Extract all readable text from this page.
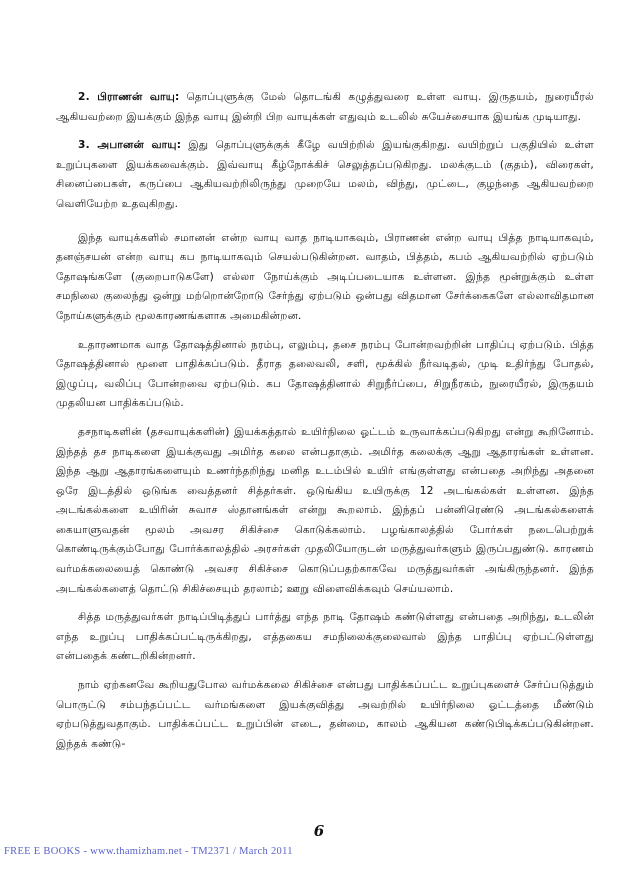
2. பிராணன் வாயு: தொப்புளுக்கு மேல் தொடங்கி கழுத்துவரை உள்ள வாயு. இருதயம், நுரையீரல் ஆகியவற்றை இயக்கும் இந்த வாயு இன்றி பிற வாயுக்கள் எதுவும் உடலில் சுயேச்சையாக இயங்க முடியாது.

3. அபானன் வாயு: இது தொப்புளுக்குக் கீழே வயிற்றில் இயங்குகிறது. வயிற்றுப் பகுதியில் உள்ள உறுப்புகளை இயக்கவைக்கும். இவ்வாயு கீழ்நோக்கிச் செலுத்தப்படுகிறது. மலக்குடம் (குதம்), விரைகள், சினைப்பைகள், கருப்பை ஆகியவற்றிலிருந்து முறையே மலம், விந்து, முட்டை, குழந்தை ஆகியவற்றை வெளியேற்ற உதவுகிறது.

இந்த வாயுக்களில் சமானன் என்ற வாயு வாத நாடியாகவும், பிராணன் என்ற வாயு பித்த நாடியாகவும், தனஞ்சயன் என்ற வாயு கப நாடியாகவும் செயல்படுகின்றன. வாதம், பித்தம், கபம் ஆகியவற்றில் ஏற்படும் தோஷங்களே (குறைபாடுகளே) எல்லா நோய்க்கும் அடிப்படையாக உள்ளன. இந்த மூன்றுக்கும் உள்ள சமநிலை குலைந்து ஒன்று மற்றொன்றோடு சேர்ந்து ஏற்படும் ஒன்பது விதமான சேர்க்கைகளே எல்லாவிதமான நோய்களுக்கும் மூலகாரணங்களாக அமைகின்றன.

உதாரணமாக வாத தோஷத்தினால் நரம்பு, எலும்பு, தசை நரம்பு போன்றவற்றின் பாதிப்பு ஏற்படும். பித்த தோஷத்தினால் மூளை பாதிக்கப்படும். தீராத தலைவலி, சளி, மூக்கில் நீர்வடிதல், முடி உதிர்ந்து போதல், இழுப்பு, வலிப்பு போன்றவை ஏற்படும். கப தோஷத்தினால் சிறுநீர்ப்பை, சிறுநீரகம், நுரையீரல், இருதயம் முதலியன பாதிக்கப்படும்.

தசநாடிகளின் (தசவாயுக்களின்) இயக்கத்தால் உயிர்நிலை ஓட்டம் உருவாக்கப்படுகிறது என்று கூறினோம். இந்தத் தச நாடிகளை இயக்குவது அமிர்த கலை என்பதாகும். அமிர்த கலைக்கு ஆறு ஆதாரங்கள் உள்ளன. இந்த ஆறு ஆதாரங்களையும் உணர்ந்தறிந்து மனித உடம்பில் உயிர் எங்குள்ளது என்பதை அறிந்து அதனை ஒரே இடத்தில் ஒடுங்க வைத்தனர் சித்தர்கள். ஒடுங்கிய உயிருக்கு 12 அடங்கல்கள் உள்ளன. இந்த அடங்கல்களை உயிரின் சுவாச ஸ்தானங்கள் என்று கூறலாம். இந்தப் பன்னிரெண்டு அடங்கல்களைக் கையாளுவதன் மூலம் அவசர சிகிச்சை கொடுக்கலாம். பழங்காலத்தில் போர்கள் நடைபெற்றுக் கொண்டிருக்கும்போது போர்க்காலத்தில் அரசர்கள் முதலியோருடன் மருத்துவர்களும் இருப்பதுண்டு. காரணம் வர்மக்கலையைத் கொண்டு அவசர சிகிச்சை கொடுப்பதற்காகவே மருத்துவர்கள் அங்கிருந்தனர். இந்த அடங்கல்களைத் தொட்டு சிகிச்சையும் தரலாம்; ஊறு விளைவிக்கவும் செய்யலாம்.

சித்த மருத்துவர்கள் நாடிப்பிடித்துப் பார்த்து எந்த நாடி தோஷம் கண்டுள்ளது என்பதை அறிந்து, உடலின் எந்த உறுப்பு பாதிக்கப்பட்டிருக்கிறது, எத்தகைய சமநிலைக்குலைவால் இந்த பாதிப்பு ஏற்பட்டுள்ளது என்பதைக் கண்டறிகின்றனர்.

நாம் ஏற்கனவே கூறியதுபோல வர்மக்கலை சிகிச்சை என்பது பாதிக்கப்பட்ட உறுப்புகளைச் சேர்ப்படுத்தும் பொருட்டு சம்பந்தப்பட்ட வர்மங்களை இயக்குவித்து அவற்றில் உயிர்நிலை ஓட்டத்தை மீண்டும் ஏற்படுத்துவதாகும். பாதிக்கப்பட்ட உறுப்பின் எடை, தன்மை, காலம் ஆகியன கண்டுபிடிக்கப்படுகின்றன. இந்தக் கண்டு-

6
FREE E BOOKS - www.thamizham.net - TM2371 / March 2011
